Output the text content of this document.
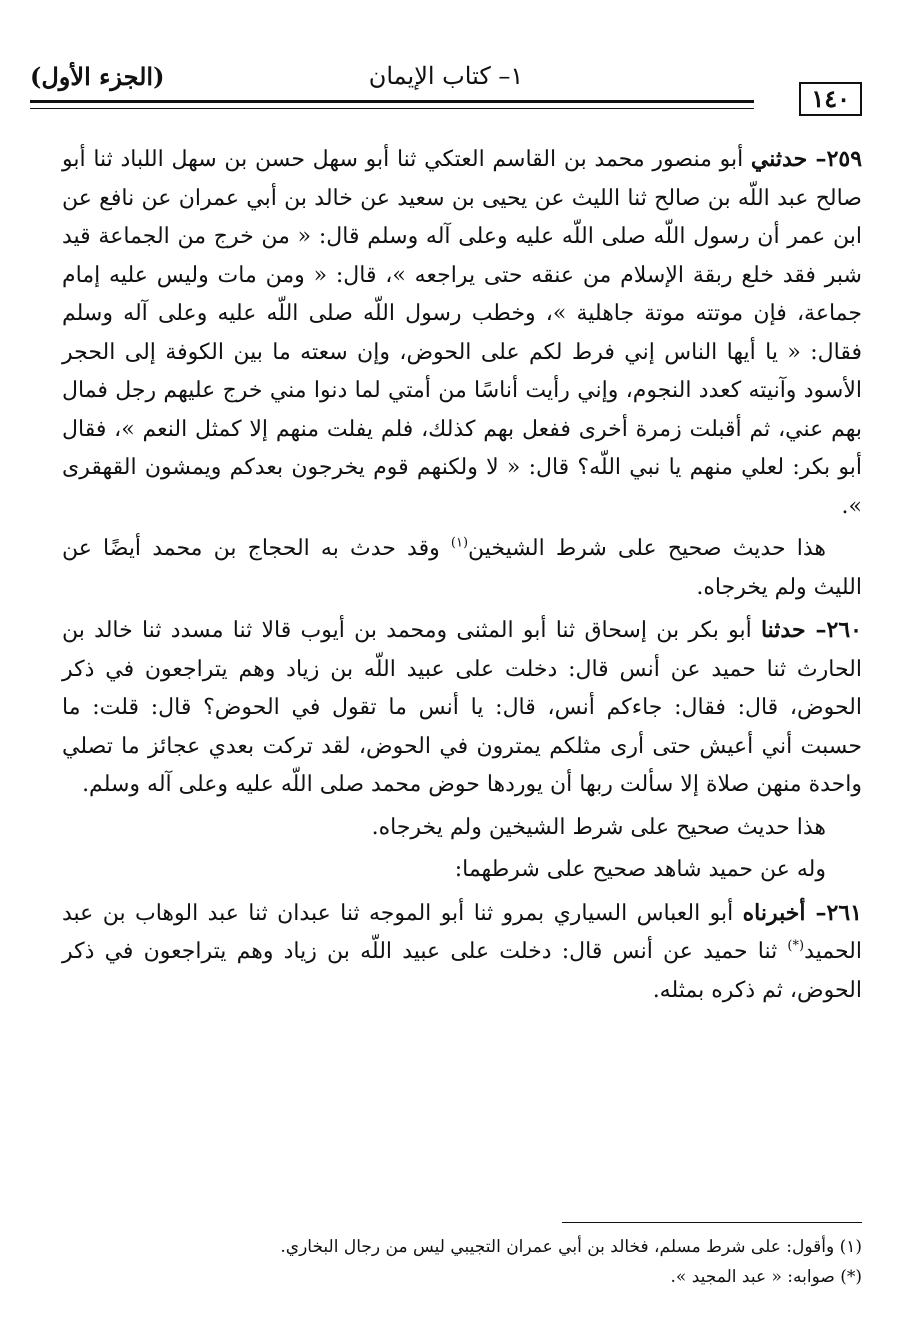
١٤٠
١– كتاب الإيمان
(الجزء الأول)

٢٥٩– حدثني أبو منصور محمد بن القاسم العتكي ثنا أبو سهل حسن بن سهل اللباد ثنا أبو صالح عبد اللّه بن صالح ثنا الليث عن يحيى بن سعيد عن خالد بن أبي عمران عن نافع عن ابن عمر أن رسول اللّه صلى اللّه عليه وعلى آله وسلم قال: « من خرج من الجماعة قيد شبر فقد خلع ربقة الإسلام من عنقه حتى يراجعه »، قال: « ومن مات وليس عليه إمام جماعة، فإن موتته موتة جاهلية »، وخطب رسول اللّه صلى اللّه عليه وعلى آله وسلم فقال: « يا أيها الناس إني فرط لكم على الحوض، وإن سعته ما بين الكوفة إلى الحجر الأسود وآنيته كعدد النجوم، وإني رأيت أناسًا من أمتي لما دنوا مني خرج عليهم رجل فمال بهم عني، ثم أقبلت زمرة أخرى ففعل بهم كذلك، فلم يفلت منهم إلا كمثل النعم »، فقال أبو بكر: لعلي منهم يا نبي اللّه؟ قال: « لا ولكنهم قوم يخرجون بعدكم ويمشون القهقرى ».

هذا حديث صحيح على شرط الشيخين$^{(١)}$ وقد حدث به الحجاج بن محمد أيضًا عن الليث ولم يخرجاه.

٢٦٠– حدثنا أبو بكر بن إسحاق ثنا أبو المثنى ومحمد بن أيوب قالا ثنا مسدد ثنا خالد بن الحارث ثنا حميد عن أنس قال: دخلت على عبيد اللّه بن زياد وهم يتراجعون في ذكر الحوض، قال: فقال: جاءكم أنس، قال: يا أنس ما تقول في الحوض؟ قال: قلت: ما حسبت أني أعيش حتى أرى مثلكم يمترون في الحوض، لقد تركت بعدي عجائز ما تصلي واحدة منهن صلاة إلا سألت ربها أن يوردها حوض محمد صلى اللّه عليه وعلى آله وسلم.

هذا حديث صحيح على شرط الشيخين ولم يخرجاه.

وله عن حميد شاهد صحيح على شرطهما:

٢٦١– أخبرناه أبو العباس السياري بمرو ثنا أبو الموجه ثنا عبدان ثنا عبد الوهاب بن عبد الحميد(*) ثنا حميد عن أنس قال: دخلت على عبيد اللّه بن زياد وهم يتراجعون في ذكر الحوض، ثم ذكره بمثله.

(١) وأقول: على شرط مسلم، فخالد بن أبي عمران التجيبي ليس من رجال البخاري.

(*) صوابه: « عبد المجيد ».
